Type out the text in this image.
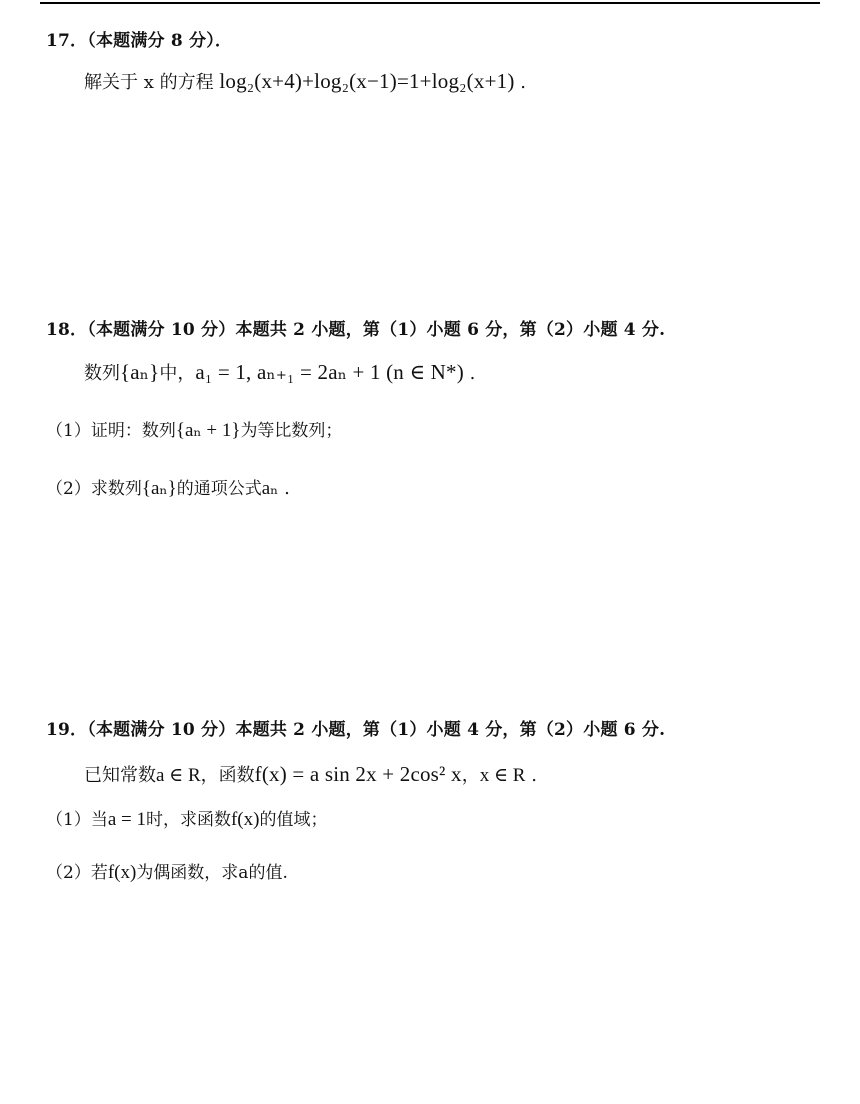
17．（本题满分 8 分）．
解关于 x 的方程 log₂(x+4)+log₂(x−1)=1+log₂(x+1) .
18．（本题满分 10 分）本题共 2 小题，第（1）小题 6 分，第（2）小题 4 分.
数列{aₙ}中，a₁ = 1, aₙ₊₁ = 2aₙ + 1 (n ∈ N*) .
（1）证明：数列{aₙ + 1}为等比数列；
（2）求数列{aₙ}的通项公式aₙ .
19．（本题满分 10 分）本题共 2 小题，第（1）小题 4 分，第（2）小题 6 分.
已知常数a ∈ R，函数f(x) = a sin 2x + 2cos² x，x ∈ R .
（1）当a = 1时，求函数f(x)的值域；
（2）若f(x)为偶函数，求a的值.
